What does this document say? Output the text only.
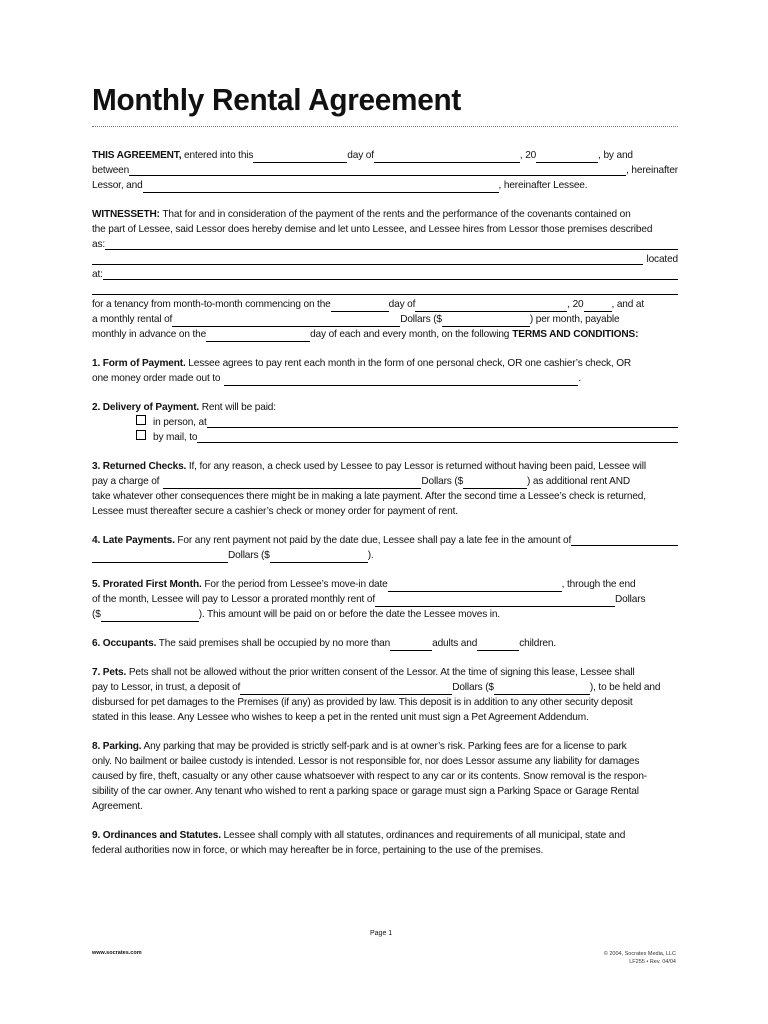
Monthly Rental Agreement
THIS AGREEMENT, entered into this	day of	, 20	, by and
between	, hereinafter
Lessor, and	, hereinafter Lessee.
WITNESSETH: That for and in consideration of the payment of the rents and the performance of the covenants contained on
the part of Lessee, said Lessor does hereby demise and let unto Lessee, and Lessee hires from Lessor those premises described
as:
located
at:
for a tenancy from month-to-month commencing on the	day of	, 20	, and at
a monthly rental of	Dollars ($	) per month, payable
monthly in advance on the	day of each and every month, on the following TERMS AND CONDITIONS:
1. Form of Payment. Lessee agrees to pay rent each month in the form of one personal check, OR one cashier’s check, OR
one money order made out to	.
2. Delivery of Payment. Rent will be paid:
in person, at
by mail, to
3. Returned Checks. If, for any reason, a check used by Lessee to pay Lessor is returned without having been paid, Lessee will
pay a charge of	Dollars ($	) as additional rent AND
take whatever other consequences there might be in making a late payment. After the second time a Lessee’s check is returned,
Lessee must thereafter secure a cashier’s check or money order for payment of rent.
4. Late Payments. For any rent payment not paid by the date due, Lessee shall pay a late fee in the amount of
Dollars ($	).
5. Prorated First Month. For the period from Lessee’s move-in date	, through the end
of the month, Lessee will pay to Lessor a prorated monthly rent of	Dollars
($	). This amount will be paid on or before the date the Lessee moves in.
6. Occupants. The said premises shall be occupied by no more than	adults and	children.
7. Pets. Pets shall not be allowed without the prior written consent of the Lessor. At the time of signing this lease, Lessee shall
pay to Lessor, in trust, a deposit of	Dollars ($	), to be held and
disbursed for pet damages to the Premises (if any) as provided by law. This deposit is in addition to any other security deposit
stated in this lease. Any Lessee who wishes to keep a pet in the rented unit must sign a Pet Agreement Addendum.
8. Parking. Any parking that may be provided is strictly self-park and is at owner’s risk. Parking fees are for a license to park
only. No bailment or bailee custody is intended. Lessor is not responsible for, nor does Lessor assume any liability for damages
caused by fire, theft, casualty or any other cause whatsoever with respect to any car or its contents. Snow removal is the respon-
sibility of the car owner. Any tenant who wished to rent a parking space or garage must sign a Parking Space or Garage Rental
Agreement.
9. Ordinances and Statutes. Lessee shall comply with all statutes, ordinances and requirements of all municipal, state and
federal authorities now in force, or which may hereafter be in force, pertaining to the use of the premises.
Page 1
www.socrates.com	© 2004, Socrates Media, LLC
LF255 • Rev. 04/04
